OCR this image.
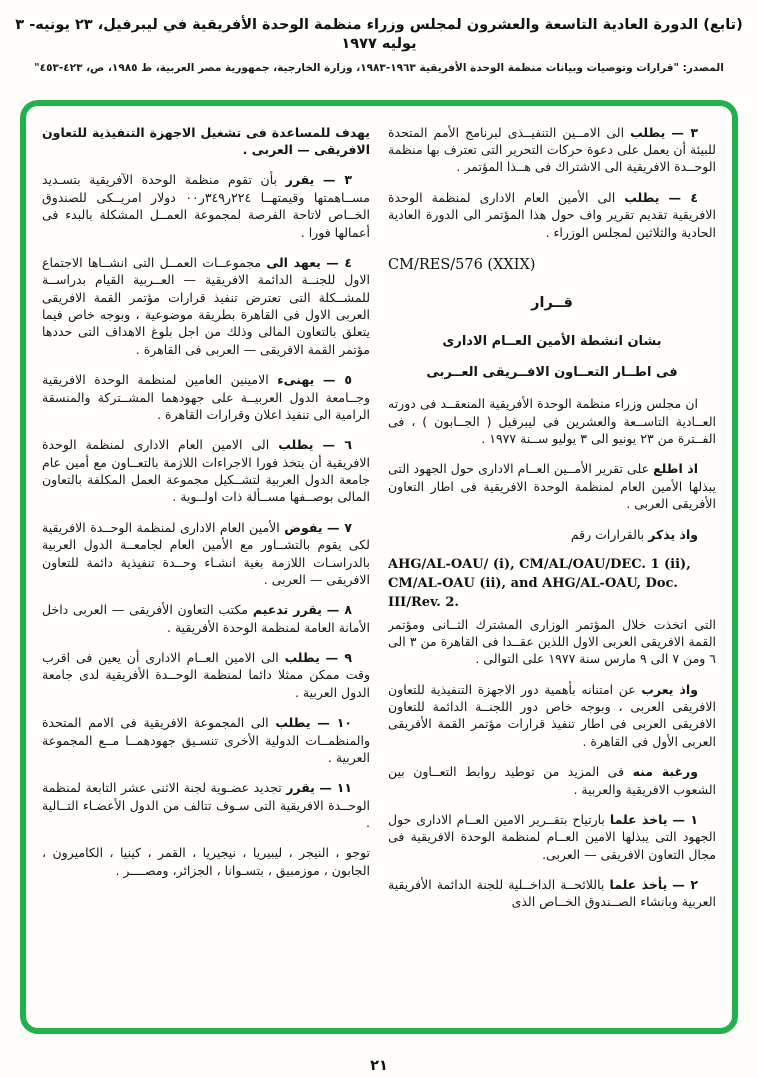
(تابع) الدورة العادية التاسعة والعشرون لمجلس وزراء منظمة الوحدة الأفريقية في ليبرفيل، ٢٣ يونيه- ٣ يوليه ١٩٧٧
المصدر: "قرارات وتوصيات وبيانات منظمة الوحدة الأفريقية ١٩٦٣-١٩٨٣، وزارة الخارجية، جمهورية مصر العربية، ط ١٩٨٥، ص، ٤٢٣-٤٥٣"

٣ — يطلب الى الامــين التنفيــذى لبرنامج الأمم المتحدة للبيئة أن يعمل على دعوة حركات التحرير التى تعترف بها منظمة الوحــدة الافريقية الى الاشتراك فى هــذا المؤتمر .

٤ — يطلب الى الأمين العام الادارى لمنظمة الوحدة الافريقية تقديم تقرير واف حول هذا المؤتمر الى الدورة العادية الحادية والثلاثين لمجلس الوزراء .

CM/RES/576 (XXIX)

قــرار
بشان انشطة الأمين العــام الادارى
فى اطــار التعــاون الافــريقى العــربى

ان مجلس وزراء منظمة الوحدة الأفريقية المنعقــد فى دورته العــادية التاســعة والعشرين فى ليبرفيل ( الجــابون ) ، فى الفــترة من ٢٣ يونيو الى ٣ يوليو ســنة ١٩٧٧ .

اذ اطلع على تقرير الأمــين العــام الادارى حول الجهود التى يبذلها الأمين العام لمنظمة الوحدة الافريقية فى اطار التعاون الأفريقى العربى .

واذ يذكر بالقرارات رقم

AHG/AL-OAU/ (i), CM/AL/OAU/DEC. 1 (ii), CM/AL-OAU (ii), and AHG/AL-OAU, Doc. III/Rev. 2.

التى اتخذت خلال المؤتمر الوزارى المشترك الثــانى ومؤتمر القمة الافريقى العربى الاول اللذين عقــدا فى القاهرة من ٣ الى ٦ ومن ٧ الى ٩ مارس سنة ١٩٧٧ على التوالى .

واذ يعرب عن امتنانه بأهمية دور الاجهزة التنفيذية للتعاون الافريقى العربى ، وبوجه خاص دور اللجنــة الدائمة للتعاون الافريقى العربى فى اطار تنفيذ قرارات مؤتمر القمة الأفريقى العربى الأول فى القاهرة .

ورغبة منه فى المزيد من توطيد روابط التعــاون بين الشعوب الافريقية والعربية .

١ — ياخذ علما بارتياح بتقــرير الامين العــام الادارى حول الجهود التى يبذلها الامين العــام لمنظمة الوحدة الافريقية فى مجال التعاون الافريقى — العربى.

٢ — يأخذ علما باللائحــة الداخــلية للجنة الدائمة الأفريقية العربية وبانشاء الصــندوق الخــاص الذى

يهدف للمساعدة فى تشغيل الاجهزة التنفيذية للتعاون الافريقى — العربى .

٣ — يقرر بأن تقوم منظمة الوحدة الآفريقية بتسـديد مســاهمتها وقيمتهــا ٢٢٤ر٣٤٩ر٠٠ دولار امريــكى للصندوق الخــاص لاتاحة الفرصة لمجموعة العمــل المشكلة بالبدء فى أعمالها فورا .

٤ — يعهد الى مجموعــات العمــل التى انشــاها الاجتماع الاول للجنــة الدائمة الافريقية — العــربية القيام بدراســة للمشــكلة التى تعترض تنفيذ قرارات مؤتمر القمة الافريقى العربى الاول فى القاهرة بطريقة موضوعية ، وبوجه خاص فيما يتعلق بالتعاون المالى وذلك من اجل بلوغ الاهداف التى حددها مؤتمر القمة الافريقى — العربى فى القاهرة .

٥ — يهنىء الامينين العامين لمنظمة الوحدة الافريقية وجــامعة الدول العربيــة على جهودهما المشــتركة والمنسقة الرامية الى تنفيذ اعلان وقرارات القاهرة .

٦ — يطلب الى الامين العام الادارى لمنظمة الوحدة الافريقية أن يتخذ فورا الاجراءات اللازمة بالتعــاون مع أمين عام جامعة الدول العربية لتشــكيل مجموعة العمل المكلفة بالتعاون المالى بوصــفها مســألة ذات اولــوية .

٧ — يفوض الأمين العام الادارى لمنظمة الوحــدة الافريقية لكى يقوم بالتشــاور مع الأمين العام لجامعــة الدول العربية بالدراسـات اللازمة بغية انشـاء وحــدة تنفيذية دائمة للتعاون الافريقى — العربى .

٨ — يقرر تدعيم مكتب التعاون الأفريقى — العربى داخل الأمانة العامة لمنظمة الوحدة الأفريقية .

٩ — يطلب الى الامين العــام الادارى أن يعين فى اقرب وقت ممكن ممثلا دائما لمنظمة الوحــدة الأفريقية لدى جامعة الدول العربية .

١٠ — يطلب الى المجموعة الافريقية فى الامم المتحدة والمنظمــات الدولية الأخرى تنسـيق جهودهمــا مــع المجموعة العربية .

١١ — يقرر تجديد عضـوية لجنة الاثنى عشر التابعة لمنظمة الوحــدة الافريقية التى سـوف تتالف من الدول الأعضـاء التــالية .

توجو ، النيجر ، ليبيريا ، نيجيريا ، القمر ، كينيا ، الكاميرون ، الجابون ، موزمبيق ، بتسـوانا ، الجزائر، ومصــــر .

٢١
